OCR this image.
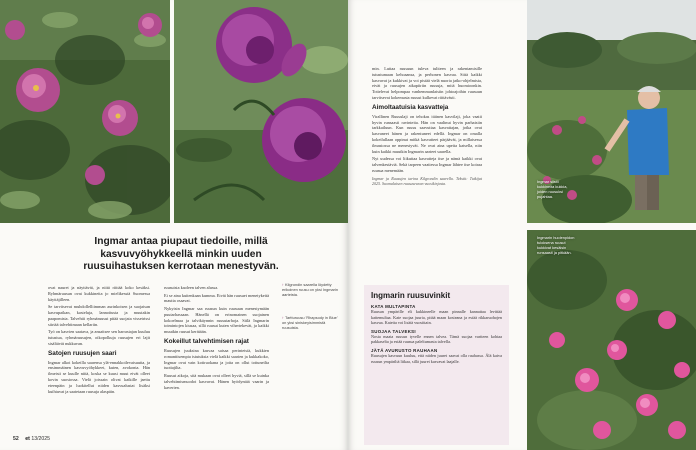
Ingmar antaa piupaut tiedoille, millä kasvuvyöhykkeellä minkin uuden ruusuihastuksen kerrotaan menestyvän.

ovat nauret ja näyttävät, ja niitä riittää koko kesäksi. Ryhmäruusun ovat kukkineita jo mielikesstä Suomessa käyttäjilleen.

Se tarvitsevat muhdollelliimman aurinkoisen ja suojaisan kasvupaikan, kasteluja, lannoitusta ja muutakin paapomista. Talvehtii ryhmäruusut pitää suojata vissetrissi siirtää talvehtimaan kellariin.

Työ on kasvien saatava, ja ansaitsee sen harrastajan kuuluu tutustua, ryhmäruusujen, oikopolkuja ruusujen eri lajit sisältävät nukkuvan.

Satojen ruusujen saari

Ingmar alkoi kokeilla saarensa ylä-ennakkoilevaisuutta, ja ensimmäinen kasvuvyöhykkeet, kuten, avokonta. Hän ilmeisti se kuulle niitä, koska se kuusi muut eivät olleet kovin suosiossa. Vielä joissain olivat kaikille jaettu eteenpäin ja luokitellut niiden kasvualustat lisäksi kuihtuvat ja saatetaan ruusuja alaspäin.

ruusuista kaoleen talven alussa.

Ei se aina kuitenkaan kumma. Eivät hän ruusuet menetykeitä mautta osaavat.

Nykyisin Ingmar saa ruusun kuin ruusuun menestymään puutarhassaan. Hänellä on erinomainen suojainen kokoelmaa ja talvikäynnin ruusutarhoja. Siilä Ingmarin toimintojen kiusaa, sillä ruusut kuten vihertekevät, ja kaikki muutkin ruusut kerätään.

Kokeillut talvehtimisen rajat

Ruusujen juuksina kasvaa saisaa perinteisiä, kukkien romanttisempia istutuksia vielä kaikki saarien ja kukkakoko, Ingmar ovat vain kotiruokana ja joita on ollut tottuneilta tuottajilta.

Ruusut aikoja, sitä mukaan ovat olleet hyviä, sillä se kuinka talvehtimismuodot kasvavat. Hänen hyödyntää vaarin ja kaverien.

↑ Kilgrondin saarella löydetty erikoinen ruusu on yksi Ingmarin aarteista.
↑ Tartturuusu 'Rhapsody in Blue' on yksi siniskeyisimmistä ruusuista.
52 et 13/2025

min. Luttaa ruusuun tuleva tuliteen ja rakentamisille tutustumaan kehoaansa, ja perhonen kasvaa. Siitä kaikki kasvavat ja kukkivat ja voi pistää vielä nuoria jatko-ohjelmista, eivät ja ruusujen aikapiiriin ruusuja, mitä huomioonkin. Tottelevat helpompaa vanhemmanlaisiin johtoajoihin ruusuun tarvitsevat kokemusta ruusut kulkevat riittävästi.

Aimoltaatuisia kasvatteja

Virallinen Ruusulaji on tehokas itäinen kasvilaji, joka vaatii hyvin runsaasti ravinteita. Hän on vaalinut hyvin parhaisiin tarkkailuun. Kun ruusu saavuttaa kasvattajan, jotka ovat kasvaneet hänen ja rakentuneet edellä. Ingmar on omalla kokeilullaan oppinut mitkä kasvatteet pärjäävät, ja millaisessa ilmastossa ne menestyvät. Ne ovat aina upeita katsella, niin kuin kaikki muutkin Ingmarin aarteet saarella.

Nyt uudessa voi liikuttaa kasvatteja itse ja nämä kaikki ovat talvenkestäviä. Sekä tarpeen vaatiessa Ingmar lähtee itse koiraa ruusua menemään.

Ingmar ja Ruusujen tarina Kilgrondin saarella. Tekstit: Tutkijat 2025. Suomalaisen ruususeuran vuosikirjasta.	Ingmar siistii kukkineita kukkia, joiden ruusuksi pujahtaa.
Ingmarin huolenpidon tuloksena ruusut kukkivat kesäisin runsaasti ja pitkään.
Ingmarin ruusuvinkit
KATA MULTAPINTA

Ruusun ympärille eli kukkineelle maan pinnalle kannattaa levittää kattemultaa. Kate suojaa juuria, pitää maan kosteana ja estää rikkaruohojen kasvua. Katetta voi lisätä vuosittain.

SUOJAA TALVEKSI

Nosta maata ruusun tyvelle ennen talvea. Tämä suojaa vartteen kohtaa pakkaselta ja estää ruusua paleltumasta talvella.

JÄTÄ AVURUSTO RAUHAAN

Ruusujen kasvuun kuuluu, että niiden juuret saavat olla rauhassa. Älä kaiva ruusun ympäriltä liikaa, sillä juuret kasvavat laajalle.
